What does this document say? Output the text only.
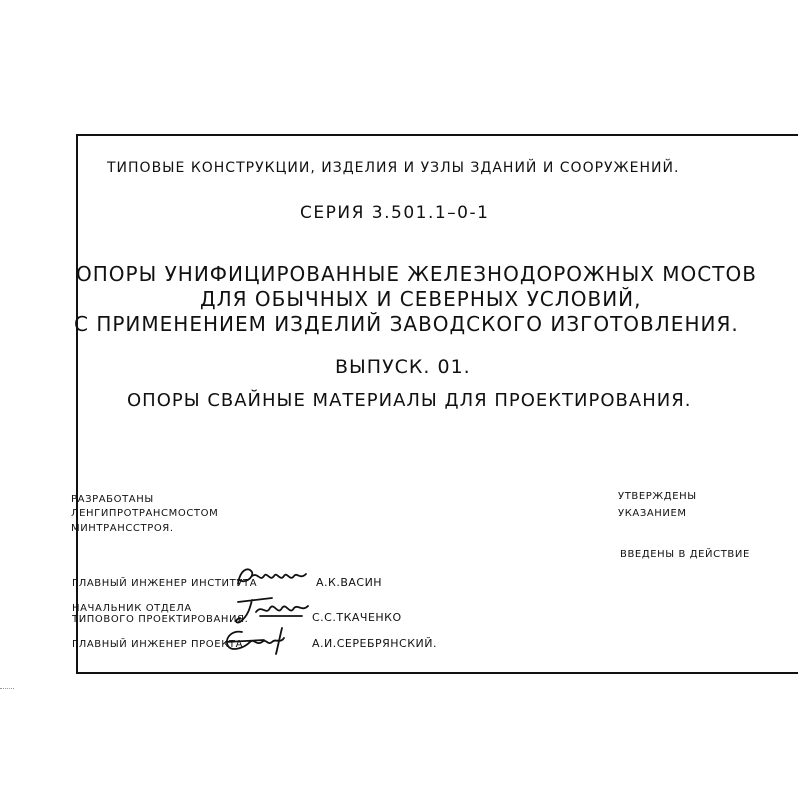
ТИПОВЫЕ КОНСТРУКЦИИ, ИЗДЕЛИЯ И УЗЛЫ ЗДАНИЙ И СООРУЖЕНИЙ.
СЕРИЯ 3.501.1–0-1
ОПОРЫ УНИФИЦИРОВАННЫЕ ЖЕЛЕЗНОДОРОЖНЫХ МОСТОВ
ДЛЯ ОБЫЧНЫХ И СЕВЕРНЫХ УСЛОВИЙ,
С ПРИМЕНЕНИЕМ ИЗДЕЛИЙ ЗАВОДСКОГО ИЗГОТОВЛЕНИЯ.
ВЫПУСК. 01.
ОПОРЫ СВАЙНЫЕ МАТЕРИАЛЫ ДЛЯ ПРОЕКТИРОВАНИЯ.
РАЗРАБОТАНЫ
ЛЕНГИПРОТРАНСМОСТОМ
МИНТРАНССТРОЯ.
УТВЕРЖДЕНЫ
УКАЗАНИЕМ
ВВЕДЕНЫ В ДЕЙСТВИЕ
ГЛАВНЫЙ ИНЖЕНЕР ИНСТИТУТА	А.К.ВАСИН
НАЧАЛЬНИК ОТДЕЛА
ТИПОВОГО ПРОЕКТИРОВАНИЯ.	С.С.ТКАЧЕНКО
ГЛАВНЫЙ ИНЖЕНЕР ПРОЕКТА	А.И.СЕРЕБРЯНСКИЙ.
